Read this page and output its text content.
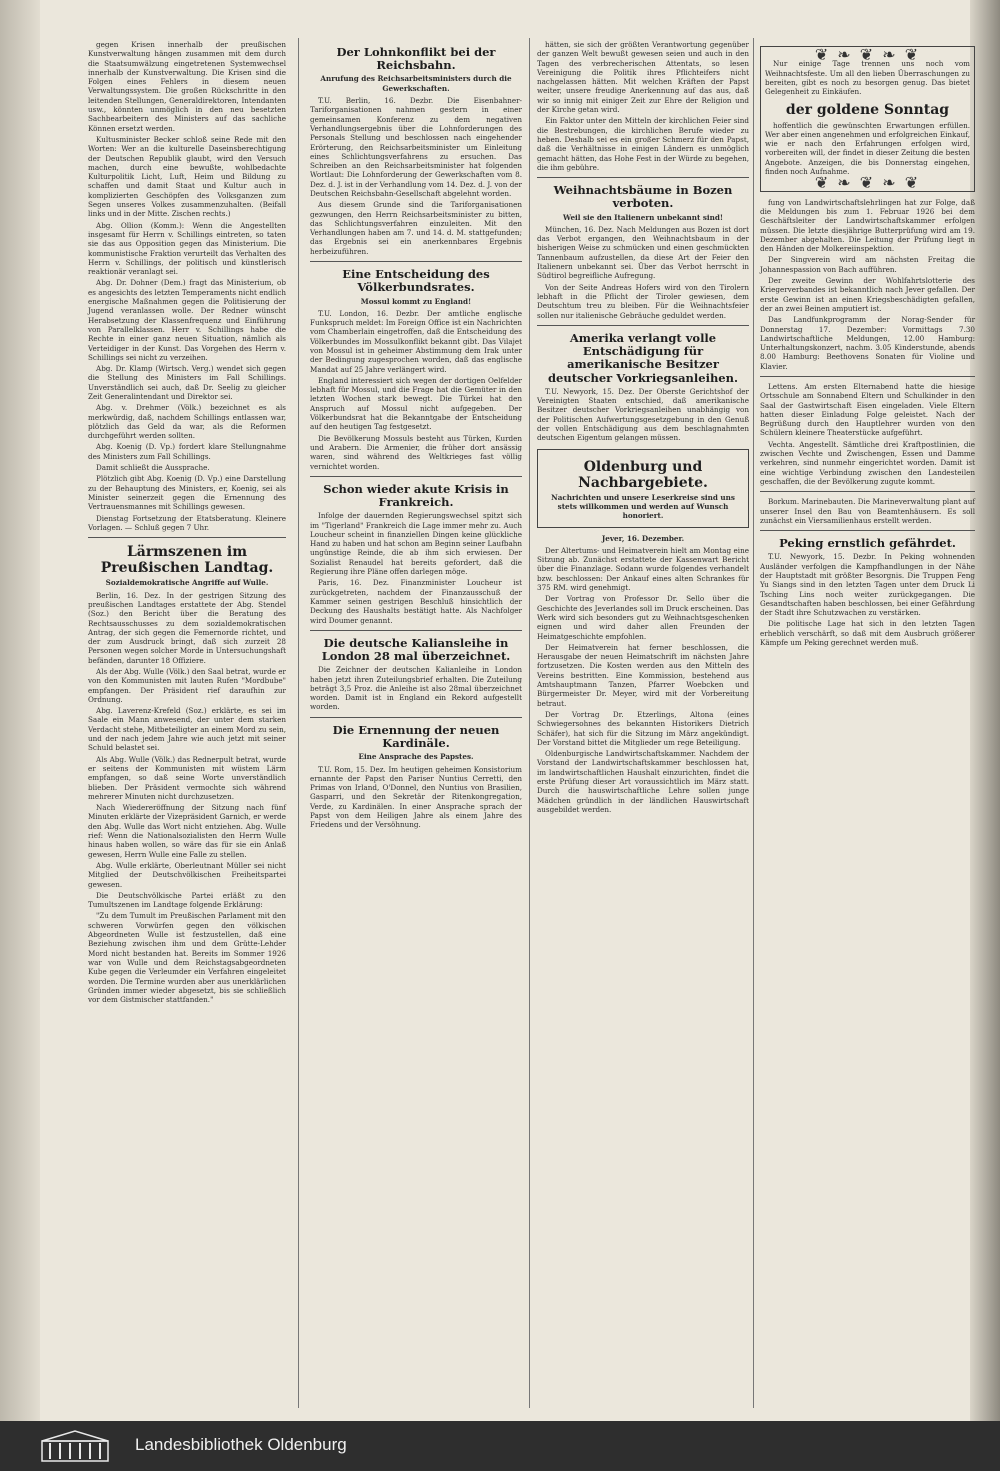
gegen Krisen innerhalb der preußischen Kunstverwaltung hängen zusammen mit dem durch die Staatsumwälzung eingetretenen Systemwechsel innerhalb der Kunstverwaltung. Die Krisen sind die Folgen eines Fehlers in diesem neuen Verwaltungssystem. Die großen Rückschritte in den leitenden Stellungen, Generaldirektoren, Intendanten usw., könnten unmöglich in den neu besetzten Sachbearbeitern des Ministers auf das sachliche Können ersetzt werden.

Kultusminister Becker schloß seine Rede mit den Worten: Wer an die kulturelle Daseinsberechtigung der Deutschen Republik glaubt, wird den Versuch machen, durch eine bewußte, wohlbedachte Kulturpolitik Licht, Luft, Heim und Bildung zu schaffen und damit Staat und Kultur auch in komplizierten Geschöpfen des Volksganzen zum Segen unseres Volkes zusammenzuhalten. (Beifall links und in der Mitte. Zischen rechts.)

Abg. Ollion (Komm.): Wenn die Angestellten insgesamt für Herrn v. Schillings eintreten, so taten sie das aus Opposition gegen das Ministerium. Die kommunistische Fraktion verurteilt das Verhalten des Herrn v. Schillings, der politisch und künstlerisch reaktionär veranlagt sei.

Abg. Dr. Dohner (Dem.) fragt das Ministerium, ob es angesichts des letzten Temperaments nicht endlich energische Maßnahmen gegen die Politisierung der Jugend veranlassen wolle. Der Redner wünscht Herabsetzung der Klassenfrequenz und Einführung von Parallelklassen. Herr v. Schillings habe die Rechte in einer ganz neuen Situation, nämlich als Verteidiger in der Kunst. Das Vorgehen des Herrn v. Schillings sei nicht zu verzeihen.

Abg. Dr. Klamp (Wirtsch. Verg.) wendet sich gegen die Stellung des Ministers im Fall Schillings. Unverständlich sei auch, daß Dr. Seelig zu gleicher Zeit Generalintendant und Direktor sei.

Abg. v. Drehmer (Völk.) bezeichnet es als merkwürdig, daß, nachdem Schillings entlassen war, plötzlich das Geld da war, als die Reformen durchgeführt werden sollten.

Abg. Koenig (D. Vp.) fordert klare Stellungnahme des Ministers zum Fall Schillings.

Damit schließt die Aussprache.

Plötzlich gibt Abg. Koenig (D. Vp.) eine Darstellung zu der Behauptung des Ministers, er, Koenig, sei als Minister seinerzeit gegen die Ernennung des Vertrauensmannes mit Schillings gewesen.

Dienstag Fortsetzung der Etatsberatung. Kleinere Vorlagen. — Schluß gegen 7 Uhr.

Lärmszenen im Preußischen Landtag.
Sozialdemokratische Angriffe auf Wulle.

Berlin, 16. Dez. In der gestrigen Sitzung des preußischen Landtages erstattete der Abg. Stendel (Soz.) den Bericht über die Beratung des Rechtsausschusses zu dem sozialdemokratischen Antrag, der sich gegen die Femernorde richtet, und der zum Ausdruck bringt, daß sich zurzeit 28 Personen wegen solcher Morde in Untersuchungshaft befänden, darunter 18 Offiziere.

Als der Abg. Wulle (Völk.) den Saal betrat, wurde er von den Kommunisten mit lauten Rufen "Mordbube" empfangen. Der Präsident rief daraufhin zur Ordnung.

Abg. Laverenz-Krefeld (Soz.) erklärte, es sei im Saale ein Mann anwesend, der unter dem starken Verdacht stehe, Mitbeteiligter an einem Mord zu sein, und der nach jedem Jahre wie auch jetzt mit seiner Schuld belastet sei.

Als Abg. Wulle (Völk.) das Rednerpult betrat, wurde er seitens der Kommunisten mit wüstem Lärm empfangen, so daß seine Worte unverständlich blieben. Der Präsident vermochte sich während mehrerer Minuten nicht durchzusetzen.

Nach Wiedereröffnung der Sitzung nach fünf Minuten erklärte der Vizepräsident Garnich, er werde den Abg. Wulle das Wort nicht entziehen. Abg. Wulle rief: Wenn die Nationalsozialisten den Herrn Wulle hinaus haben wollen, so wäre das für sie ein Anlaß gewesen, Herrn Wulle eine Falle zu stellen.

Abg. Wulle erklärte, Oberleutnant Müller sei nicht Mitglied der Deutschvölkischen Freiheitspartei gewesen.

Die Deutschvölkische Partei erläßt zu den Tumultszenen im Landtage folgende Erklärung:

"Zu dem Tumult im Preußischen Parlament mit den schweren Vorwürfen gegen den völkischen Abgeordneten Wulle ist festzustellen, daß eine Beziehung zwischen ihm und dem Grütte-Lehder Mord nicht bestanden hat. Bereits im Sommer 1926 war von Wulle und dem Reichstagsabgeordneten Kube gegen die Verleumder ein Verfahren eingeleitet worden. Die Termine wurden aber aus unerklärlichen Gründen immer wieder abgesetzt, bis sie schließlich vor dem Gistmischer stattfanden."

Der Lohnkonflikt bei der Reichsbahn.
Anrufung des Reichsarbeitsministers durch die Gewerkschaften.

T.U. Berlin, 16. Dezbr. Die Eisenbahner-Tariforganisationen nahmen gestern in einer gemeinsamen Konferenz zu dem negativen Verhandlungsergebnis über die Lohnforderungen des Personals Stellung und beschlossen nach eingehender Erörterung, den Reichsarbeitsminister um Einleitung eines Schlichtungsverfahrens zu ersuchen. Das Schreiben an den Reichsarbeitsminister hat folgenden Wortlaut: Die Lohnforderung der Gewerkschaften vom 8. Dez. d. J. ist in der Verhandlung vom 14. Dez. d. J. von der Deutschen Reichsbahn-Gesellschaft abgelehnt worden.

Aus diesem Grunde sind die Tariforganisationen gezwungen, den Herrn Reichsarbeitsminister zu bitten, das Schlichtungsverfahren einzuleiten. Mit den Verhandlungen haben am 7. und 14. d. M. stattgefunden; das Ergebnis sei ein anerkennbares Ergebnis herbeizuführen.

Eine Entscheidung des Völkerbundsrates.
Mossul kommt zu England!

T.U. London, 16. Dezbr. Der amtliche englische Funkspruch meldet: Im Foreign Office ist ein Nachrichten vom Chamberlain eingetroffen, daß die Entscheidung des Völkerbundes im Mossulkonflikt bekannt gibt. Das Vilajet von Mossul ist in geheimer Abstimmung dem Irak unter der Bedingung zugesprochen worden, daß das englische Mandat auf 25 Jahre verlängert wird.

England interessiert sich wegen der dortigen Oelfelder lebhaft für Mossul, und die Frage hat die Gemüter in den letzten Wochen stark bewegt. Die Türkei hat den Anspruch auf Mossul nicht aufgegeben. Der Völkerbundsrat hat die Bekanntgabe der Entscheidung auf den heutigen Tag festgesetzt.

Die Bevölkerung Mossuls besteht aus Türken, Kurden und Arabern. Die Armenier, die früher dort ansässig waren, sind während des Weltkrieges fast völlig vernichtet worden.

Schon wieder akute Krisis in Frankreich.

Infolge der dauernden Regierungswechsel spitzt sich im "Tigerland" Frankreich die Lage immer mehr zu. Auch Loucheur scheint in finanziellen Dingen keine glückliche Hand zu haben und hat schon am Beginn seiner Laufbahn ungünstige Reinde, die ab ihm sich erwiesen. Der Sozialist Renaudel hat bereits gefordert, daß die Regierung ihre Pläne offen darlegen möge.

Paris, 16. Dez. Finanzminister Loucheur ist zurückgetreten, nachdem der Finanzausschuß der Kammer seinen gestrigen Beschluß hinsichtlich der Deckung des Haushalts bestätigt hatte. Als Nachfolger wird Doumer genannt.

Die deutsche Kaliansleihe in London 28 mal überzeichnet.

Die Zeichner der deutschen Kalianleihe in London haben jetzt ihren Zuteilungsbrief erhalten. Die Zuteilung beträgt 3,5 Proz. die Anleihe ist also 28mal überzeichnet worden. Damit ist in England ein Rekord aufgestellt worden.

Die Ernennung der neuen Kardinäle.
Eine Ansprache des Papstes.

T.U. Rom, 15. Dez. Im heutigen geheimen Konsistorium ernannte der Papst den Pariser Nuntius Cerretti, den Primas von Irland, O'Donnel, den Nuntius von Brasilien, Gasparri, und den Sekretär der Ritenkongregation, Verde, zu Kardinälen. In einer Ansprache sprach der Papst von dem Heiligen Jahre als einem Jahre des Friedens und der Versöhnung.

hätten, sie sich der größten Verantwortung gegenüber der ganzen Welt bewußt gewesen seien und auch in den Tagen des verbrecherischen Attentats, so lesen Vereinigung die Politik ihres Pflichteifers nicht nachgelassen hätten. Mit welchen Kräften der Papst weiter, unsere freudige Anerkennung auf das aus, daß wir so innig mit einiger Zeit zur Ehre der Religion und der Kirche getan wird.

Ein Faktor unter den Mitteln der kirchlichen Feier sind die Bestrebungen, die kirchlichen Berufe wieder zu heben. Deshalb sei es ein großer Schmerz für den Papst, daß die Verhältnisse in einigen Ländern es unmöglich gemacht hätten, das Hohe Fest in der Würde zu begehen, die ihm gebühre.

Weihnachtsbäume in Bozen verboten.
Weil sie den Italienern unbekannt sind!

München, 16. Dez. Nach Meldungen aus Bozen ist dort das Verbot ergangen, den Weihnachtsbaum in der bisherigen Weise zu schmücken und einen geschmückten Tannenbaum aufzustellen, da diese Art der Feier den Italienern unbekannt sei. Über das Verbot herrscht in Südtirol begreifliche Aufregung.

Von der Seite Andreas Hofers wird von den Tirolern lebhaft in die Pflicht der Tiroler gewiesen, dem Deutschtum treu zu bleiben. Für die Weihnachtsfeier sollen nur italienische Gebräuche geduldet werden.

Amerika verlangt volle Entschädigung für amerikanische Besitzer deutscher Vorkriegsanleihen.

T.U. Newyork, 15. Dez. Der Oberste Gerichtshof der Vereinigten Staaten entschied, daß amerikanische Besitzer deutscher Vorkriegsanleihen unabhängig von der Politischen Aufwertungsgesetzgebung in den Genuß der vollen Entschädigung aus dem beschlagnahmten deutschen Eigentum gelangen müssen.

Oldenburg und Nachbargebiete.
Nachrichten und unsere Leserkreise sind uns stets willkommen und werden auf Wunsch honoriert.
Jever, 16. Dezember.

Der Altertums- und Heimatverein hielt am Montag eine Sitzung ab. Zunächst erstattete der Kassenwart Bericht über die Finanzlage. Sodann wurde folgendes verhandelt bzw. beschlossen: Der Ankauf eines alten Schrankes für 375 RM. wird genehmigt.

Der Vortrag von Professor Dr. Sello über die Geschichte des Jeverlandes soll im Druck erscheinen. Das Werk wird sich besonders gut zu Weihnachtsgeschenken eignen und wird daher allen Freunden der Heimatgeschichte empfohlen.

Der Heimatverein hat ferner beschlossen, die Herausgabe der neuen Heimatschrift im nächsten Jahre fortzusetzen. Die Kosten werden aus den Mitteln des Vereins bestritten. Eine Kommission, bestehend aus Amtshauptmann Tanzen, Pfarrer Woebcken und Bürgermeister Dr. Meyer, wird mit der Vorbereitung betraut.

Der Vortrag Dr. Etzerlings, Altona (eines Schwiegersohnes des bekannten Historikers Dietrich Schäfer), hat sich für die Sitzung im März angekündigt. Der Vorstand bittet die Mitglieder um rege Beteiligung.

Oldenburgische Landwirtschaftskammer. Nachdem der Vorstand der Landwirtschaftskammer beschlossen hat, im landwirtschaftlichen Haushalt einzurichten, findet die erste Prüfung dieser Art voraussichtlich im März statt. Durch die hauswirtschaftliche Lehre sollen junge Mädchen gründlich in der ländlichen Hauswirtschaft ausgebildet werden.

❦ ❧ ❦ ❧ ❦

Nur einige Tage trennen uns noch vom Weihnachtsfeste. Um all den lieben Überraschungen zu bereiten, gibt es noch zu besorgen genug. Das bietet Gelegenheit zu Einkäufen.

der goldene Sonntag

hoffentlich die gewünschten Erwartungen erfüllen. Wer aber einen angenehmen und erfolgreichen Einkauf, wie er nach den Erfahrungen erfolgen wird, vorbereiten will, der findet in dieser Zeitung die besten Angebote. Anzeigen, die bis Donnerstag eingehen, finden noch Aufnahme.

❦ ❧ ❦ ❧ ❦

fung von Landwirtschaftslehrlingen hat zur Folge, daß die Meldungen bis zum 1. Februar 1926 bei dem Geschäftsleiter der Landwirtschaftskammer erfolgen müssen. Die letzte diesjährige Butterprüfung wird am 19. Dezember abgehalten. Die Leitung der Prüfung liegt in den Händen der Molkereiinspektion.

Der Singverein wird am nächsten Freitag die Johannespassion von Bach aufführen.

Der zweite Gewinn der Wohlfahrtslotterie des Kriegerverbandes ist bekanntlich nach Jever gefallen. Der erste Gewinn ist an einen Kriegsbeschädigten gefallen, der an zwei Beinen amputiert ist.

Das Landfunkprogramm der Norag-Sender für Donnerstag 17. Dezember: Vormittags 7.30 Landwirtschaftliche Meldungen, 12.00 Hamburg: Unterhaltungskonzert, nachm. 3.05 Kinderstunde, abends 8.00 Hamburg: Beethovens Sonaten für Violine und Klavier.

Lettens. Am ersten Elternabend hatte die hiesige Ortsschule am Sonnabend Eltern und Schulkinder in den Saal der Gastwirtschaft Eisen eingeladen. Viele Eltern hatten dieser Einladung Folge geleistet. Nach der Begrüßung durch den Hauptlehrer wurden von den Schülern kleinere Theaterstücke aufgeführt.

Vechta. Angestellt. Sämtliche drei Kraftpostlinien, die zwischen Vechte und Zwischengen, Essen und Damme verkehren, sind nunmehr eingerichtet worden. Damit ist eine wichtige Verbindung zwischen den Landesteilen geschaffen, die der Bevölkerung zugute kommt.

Borkum. Marinebauten. Die Marineverwaltung plant auf unserer Insel den Bau von Beamtenhäusern. Es soll zunächst ein Viersamilienhaus erstellt werden.

Peking ernstlich gefährdet.

T.U. Newyork, 15. Dezbr. In Peking wohnenden Ausländer verfolgen die Kampfhandlungen in der Nähe der Hauptstadt mit größter Besorgnis. Die Truppen Feng Yu Siangs sind in den letzten Tagen unter dem Druck Li Tsching Lins noch weiter zurückgegangen. Die Gesandtschaften haben beschlossen, bei einer Gefährdung der Stadt ihre Schutzwachen zu verstärken.

Die politische Lage hat sich in den letzten Tagen erheblich verschärft, so daß mit dem Ausbruch größerer Kämpfe um Peking gerechnet werden muß.

Landesbibliothek Oldenburg
